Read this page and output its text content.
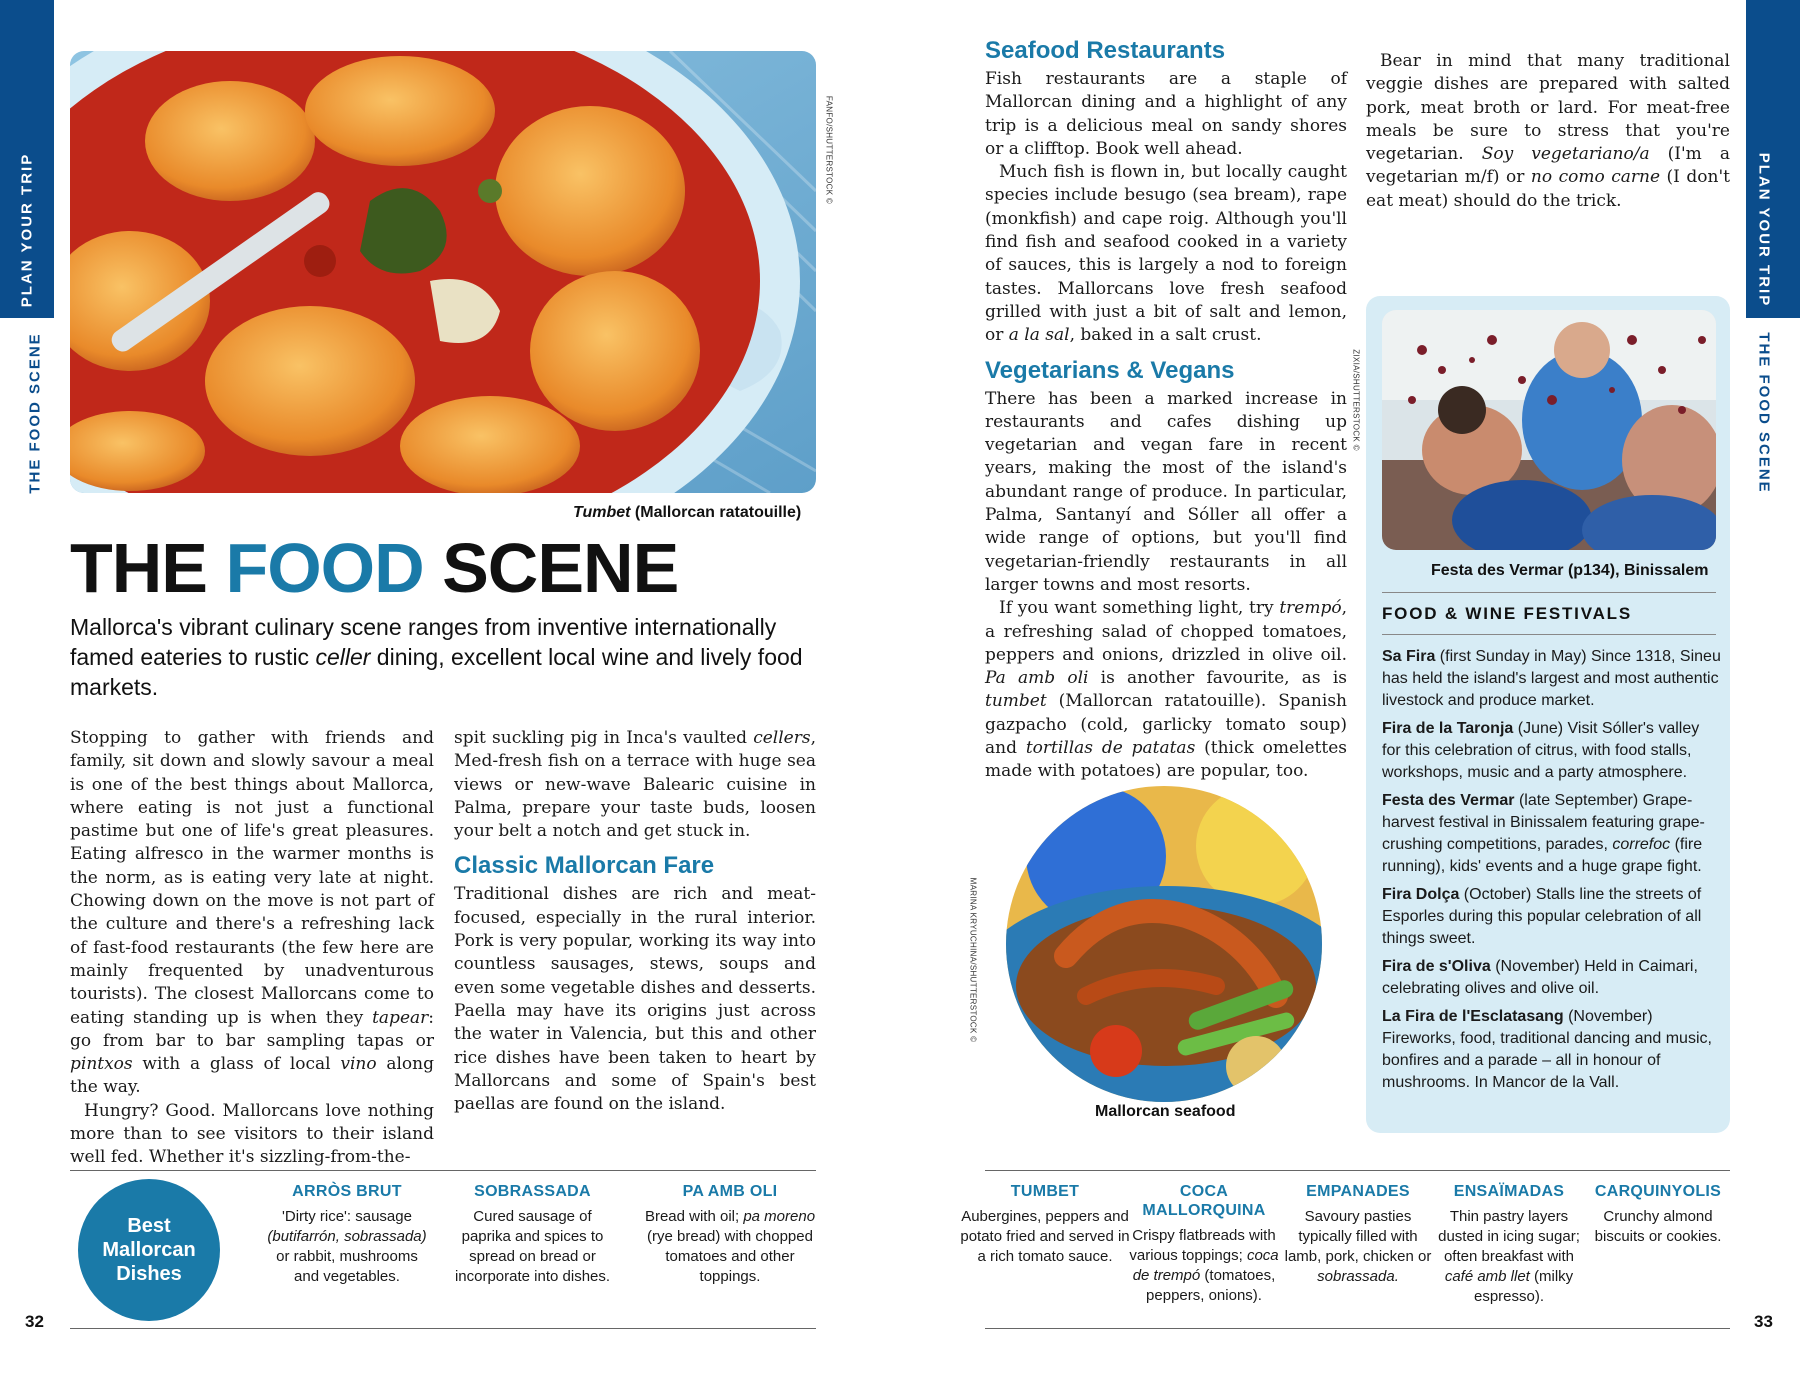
PLAN YOUR TRIP
THE FOOD SCENE
PLAN YOUR TRIP
THE FOOD SCENE
FANFO/SHUTTERSTOCK ©
Tumbet (Mallorcan ratatouille)
THE FOOD SCENE
Mallorca's vibrant culinary scene ranges from inventive internationally famed eateries to rustic celler dining, excellent local wine and lively food markets.

Stopping to gather with friends and family, sit down and slowly savour a meal is one of the best things about Mallorca, where eating is not just a functional pastime but one of life's great pleasures. Eating alfresco in the warmer months is the norm, as is eating very late at night. Chowing down on the move is not part of the culture and there's a refreshing lack of fast-food restaurants (the few here are mainly frequented by unadventurous tourists). The closest Mallorcans come to eating standing up is when they tapear: go from bar to bar sampling tapas or pintxos with a glass of local vino along the way.

Hungry? Good. Mallorcans love nothing more than to see visitors to their island well fed. Whether it's sizzling-from-the-

spit suckling pig in Inca's vaulted cellers, Med-fresh fish on a terrace with huge sea views or new-wave Balearic cuisine in Palma, prepare your taste buds, loosen your belt a notch and get stuck in.

Classic Mallorcan Fare

Traditional dishes are rich and meat-focused, especially in the rural interior. Pork is very popular, working its way into countless sausages, stews, soups and even some vegetable dishes and desserts. Paella may have its origins just across the water in Valencia, but this and other rice dishes have been taken to heart by Mallorcans and some of Spain's best paellas are found on the island.

Seafood Restaurants

Fish restaurants are a staple of Mallorcan dining and a highlight of any trip is a delicious meal on sandy shores or a clifftop. Book well ahead.

Much fish is flown in, but locally caught species include besugo (sea bream), rape (monkfish) and cape roig. Although you'll find fish and seafood cooked in a variety of sauces, this is largely a nod to foreign tastes. Mallorcans love fresh seafood grilled with just a bit of salt and lemon, or a la sal, baked in a salt crust.

Vegetarians & Vegans

There has been a marked increase in restaurants and cafes dishing up vegetarian and vegan fare in recent years, making the most of the island's abundant range of produce. In particular, Palma, Santanyí and Sóller all offer a wide range of options, but you'll find vegetarian-friendly restaurants in all larger towns and most resorts.

If you want something light, try trempó, a refreshing salad of chopped tomatoes, peppers and onions, drizzled in olive oil. Pa amb oli is another favourite, as is tumbet (Mallorcan ratatouille). Spanish gazpacho (cold, garlicky tomato soup) and tortillas de patatas (thick omelettes made with potatoes) are popular, too.

Bear in mind that many traditional veggie dishes are prepared with salted pork, meat broth or lard. For meat-free meals be sure to stress that you're vegetarian. Soy vegetariano/a (I'm a vegetarian m/f) or no como carne (I don't eat meat) should do the trick.

MARINA KRYUCHINA/SHUTTERSTOCK ©
Mallorcan seafood
ZIXIA/SHUTTERSTOCK ©
Festa des Vermar (p134), Binissalem
FOOD & WINE FESTIVALS
Sa Fira (first Sunday in May) Since 1318, Sineu has held the island's largest and most authentic livestock and produce market.
Fira de la Taronja (June) Visit Sóller's valley for this celebration of citrus, with food stalls, workshops, music and a party atmosphere.
Festa des Vermar (late September) Grape-harvest festival in Binissalem featuring grape-crushing competitions, parades, correfoc (fire running), kids' events and a huge grape fight.
Fira Dolça (October) Stalls line the streets of Esporles during this popular celebration of all things sweet.
Fira de s'Oliva (November) Held in Caimari, celebrating olives and olive oil.
La Fira de l'Esclatasang (November) Fireworks, food, traditional dancing and music, bonfires and a parade – all in honour of mushrooms. In Mancor de la Vall.
Best Mallorcan Dishes
ARRÒS BRUT
'Dirty rice': sausage (butifarrón, sobrassada) or rabbit, mushrooms and vegetables.
SOBRASSADA
Cured sausage of paprika and spices to spread on bread or incorporate into dishes.
PA AMB OLI
Bread with oil; pa moreno (rye bread) with chopped tomatoes and other toppings.
TUMBET
Aubergines, peppers and potato fried and served in a rich tomato sauce.
COCA MALLORQUINA
Crispy flatbreads with various toppings; coca de trempó (tomatoes, peppers, onions).
EMPANADES
Savoury pasties typically filled with lamb, pork, chicken or sobrassada.
ENSAÏMADAS
Thin pastry layers dusted in icing sugar; often breakfast with café amb llet (milky espresso).
CARQUINYOLIS
Crunchy almond biscuits or cookies.
32	33
